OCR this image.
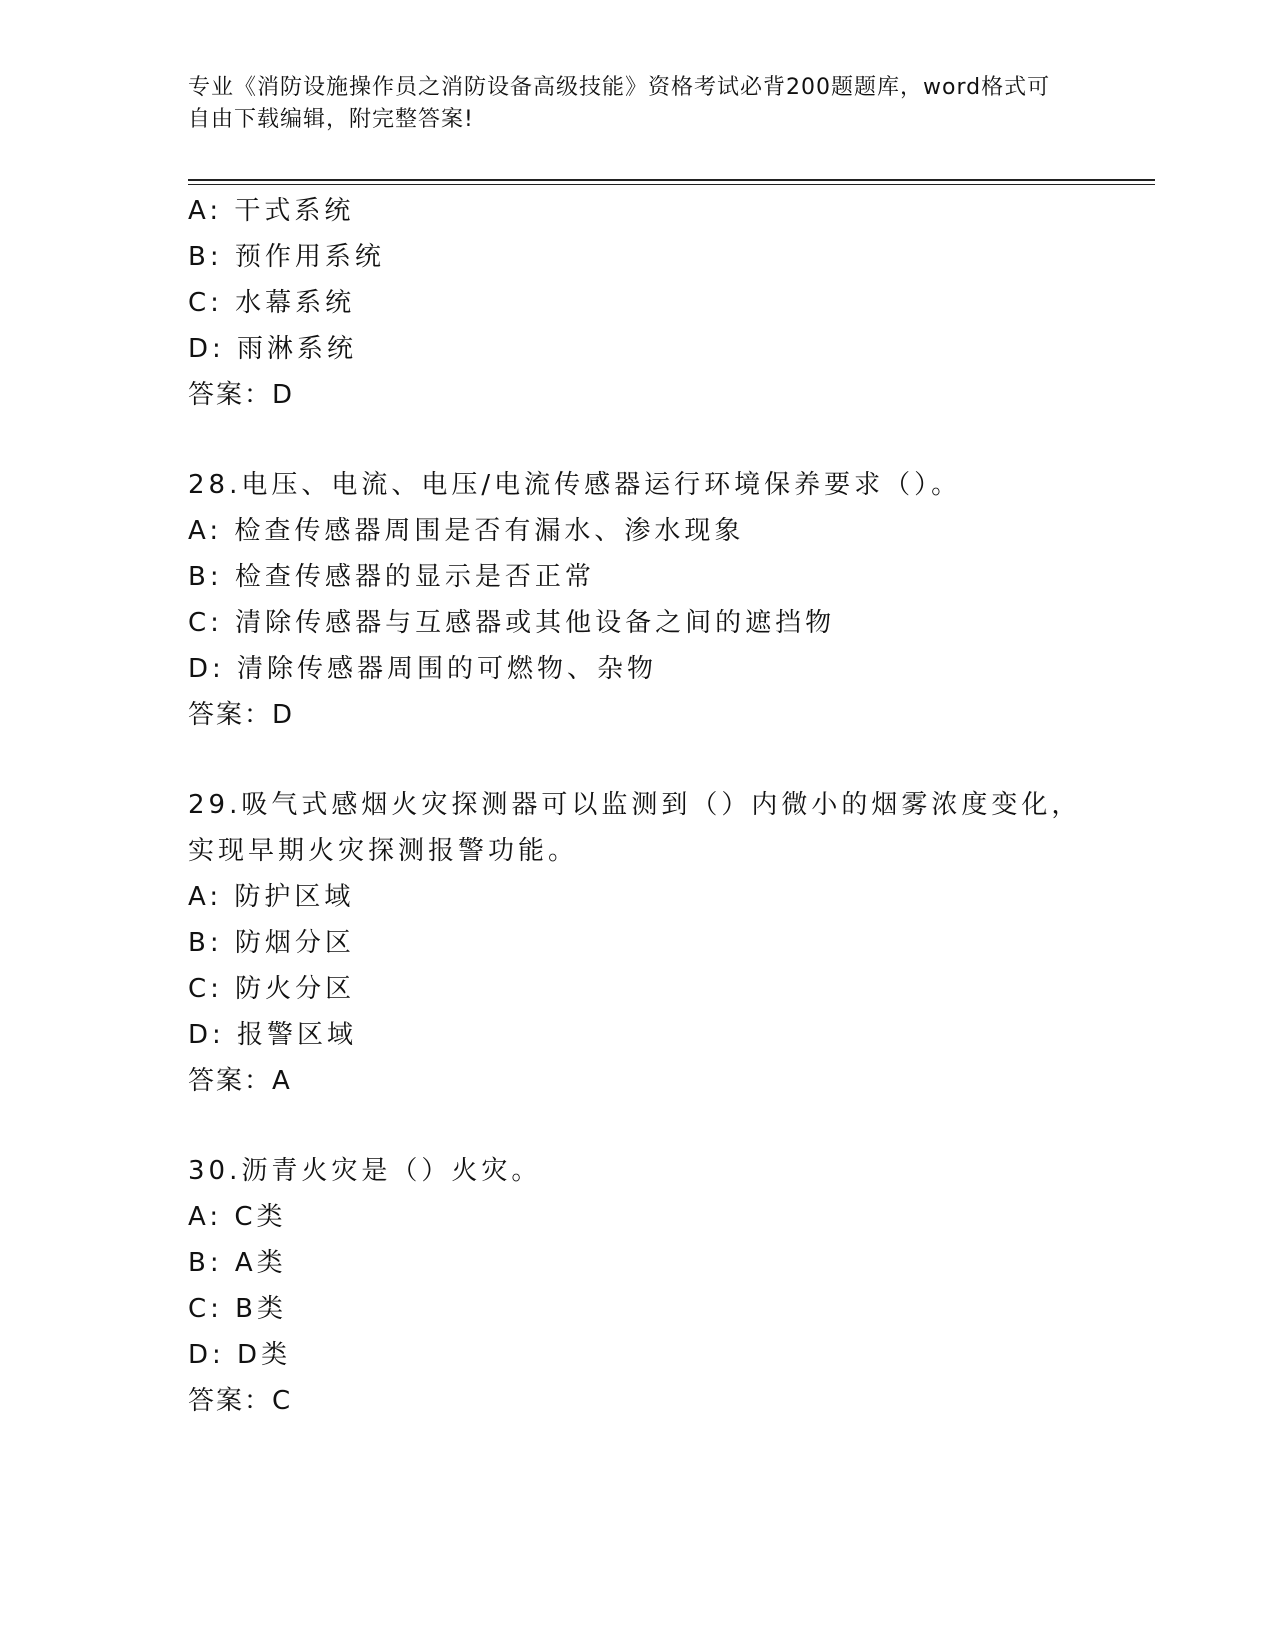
专业《消防设施操作员之消防设备高级技能》资格考试必背200题题库，word格式可自由下载编辑，附完整答案!
A: 干式系统
B: 预作用系统
C: 水幕系统
D: 雨淋系统
答案：D
28.电压、电流、电压/电流传感器运行环境保养要求（）。
A: 检查传感器周围是否有漏水、渗水现象
B: 检查传感器的显示是否正常
C: 清除传感器与互感器或其他设备之间的遮挡物
D: 清除传感器周围的可燃物、杂物
答案：D
29.吸气式感烟火灾探测器可以监测到（）内微小的烟雾浓度变化，实现早期火灾探测报警功能。
A: 防护区域
B: 防烟分区
C: 防火分区
D: 报警区域
答案：A
30.沥青火灾是（）火灾。
A: C类
B: A类
C: B类
D: D类
答案：C
